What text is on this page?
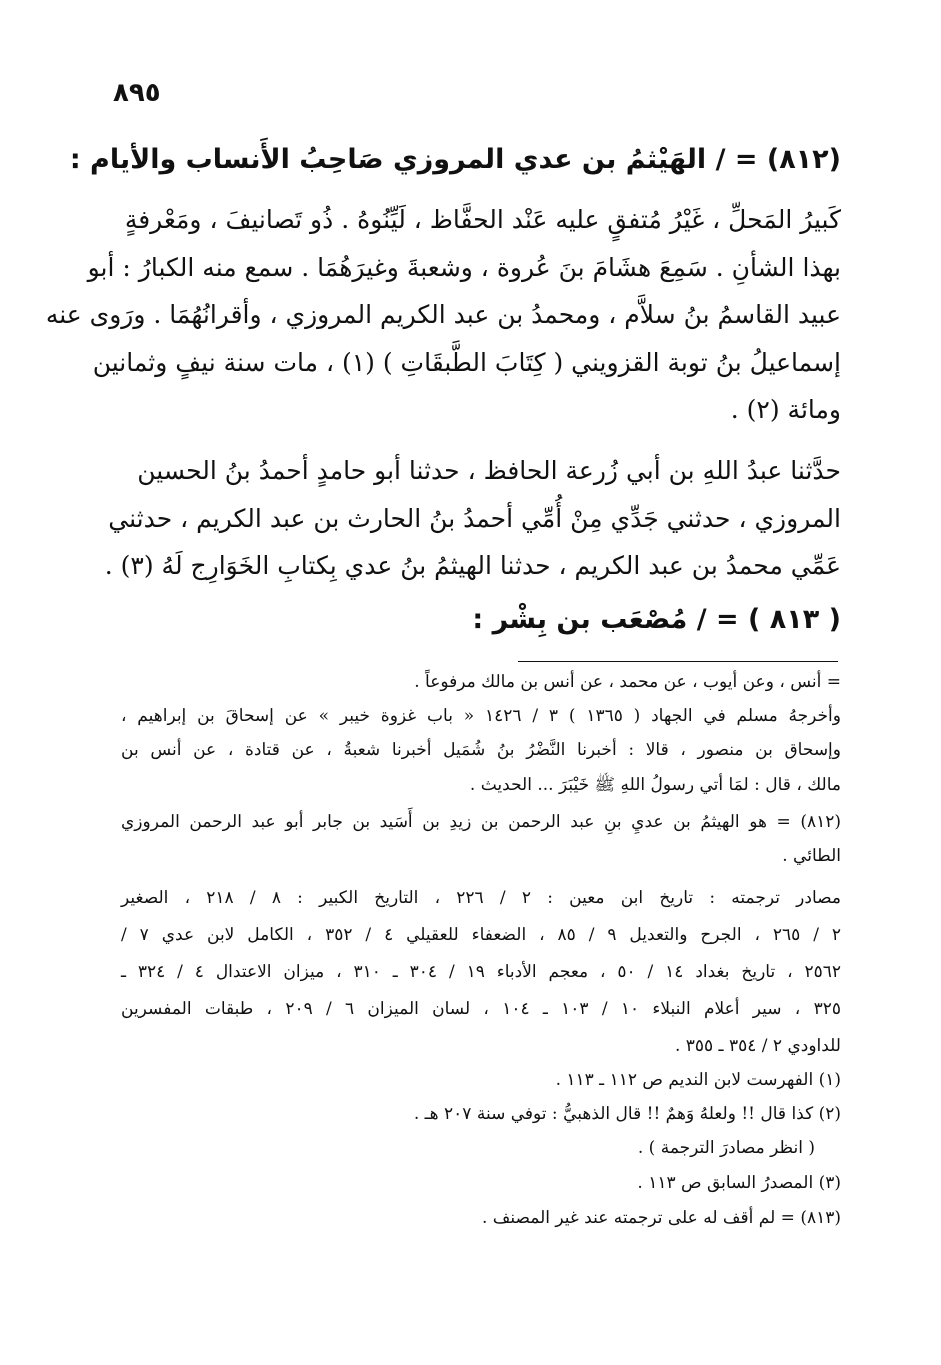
٨٩٥
(٨١٢) = / الهَيْثمُ بن عدي المروزي صَاحِبُ الأَنساب والأيام :
كَبيرُ المَحلِّ ، غَيْرُ مُتفقٍ عليه عَنْد الحفَّاظ ، لَيِّنُوهُ . ذُو تَصانيفَ ، ومَعْرفةٍ
بهذا الشأنِ . سَمِعَ هشَامَ بنَ عُروة ، وشعبةَ وغيرَهُمَا . سمع منه الكبارُ : أبو
عبيد القاسمُ بنُ سلاَّم ، ومحمدُ بن عبد الكريم المروزي ، وأقرانُهُمَا . ورَوى عنه
إسماعيلُ بنُ توبة القزويني ( كِتَابَ الطَّبقَاتِ ) (١) ، مات سنة نيفٍ وثمانين
ومائة (٢) .
حدَّثنا عبدُ اللهِ بن أبي زُرعة الحافظ ، حدثنا أبو حامدٍ أحمدُ بنُ الحسين
المروزي ، حدثني جَدِّي مِنْ أُمِّي أحمدُ بنُ الحارث بن عبد الكريم ، حدثني
عَمِّي محمدُ بن عبد الكريم ، حدثنا الهيثمُ بنُ عدي بِكتابِ الخَوَارِج لَهُ (٣) .
( ٨١٣ ) = / مُصْعَب بن بِشْر :
= أنس ، وعن أيوب ، عن محمد ، عن أنس بن مالك مرفوعاً .
وأخرجهُ مسلم في الجهاد ( ١٣٦٥ ) ٣ / ١٤٢٦ « باب غزوة خيبر » عن إسحاقَ بن إبراهيم ،
وإسحاق بن منصور ، قالا : أخبرنا النَّضْرُ بنُ شُمَيل أخبرنا شعبةُ ، عن قتادة ، عن أنس بن
مالك ، قال : لمَا أتي رسولُ اللهِ ﷺ خَيْبَرَ ... الحديث .
(٨١٢) = هو الهيثمُ بن عديِ بنِ عبد الرحمن بن زيدِ بن أَسَيد بن جابر أبو عبد الرحمن المروزي
الطائي .
مصادر ترجمته : تاريخ ابن معين : ٢ / ٢٢٦ ، التاريخ الكبير : ٨ / ٢١٨ ، الصغير
٢ / ٢٦٥ ، الجرح والتعديل ٩ / ٨٥ ، الضعفاء للعقيلي ٤ / ٣٥٢ ، الكامل لابن عدي ٧ /
٢٥٦٢ ، تاريخ بغداد ١٤ / ٥٠ ، معجم الأدباء ١٩ / ٣٠٤ ـ ٣١٠ ، ميزان الاعتدال ٤ / ٣٢٤ ـ
٣٢٥ ، سير أعلام النبلاء ١٠ / ١٠٣ ـ ١٠٤ ، لسان الميزان ٦ / ٢٠٩ ، طبقات المفسرين
للداودي ٢ / ٣٥٤ ـ ٣٥٥ .
(١) الفهرست لابن النديم ص ١١٢ ـ ١١٣ .
(٢) كذا قال !! ولعلهُ وَهمٌ !! قال الذهبيُّ : توفي سنة ٢٠٧ هـ .
( انظر مصادرَ الترجمة ) .
(٣) المصدرُ السابق ص ١١٣ .
(٨١٣) = لم أقف له على ترجمته عند غير المصنف .
